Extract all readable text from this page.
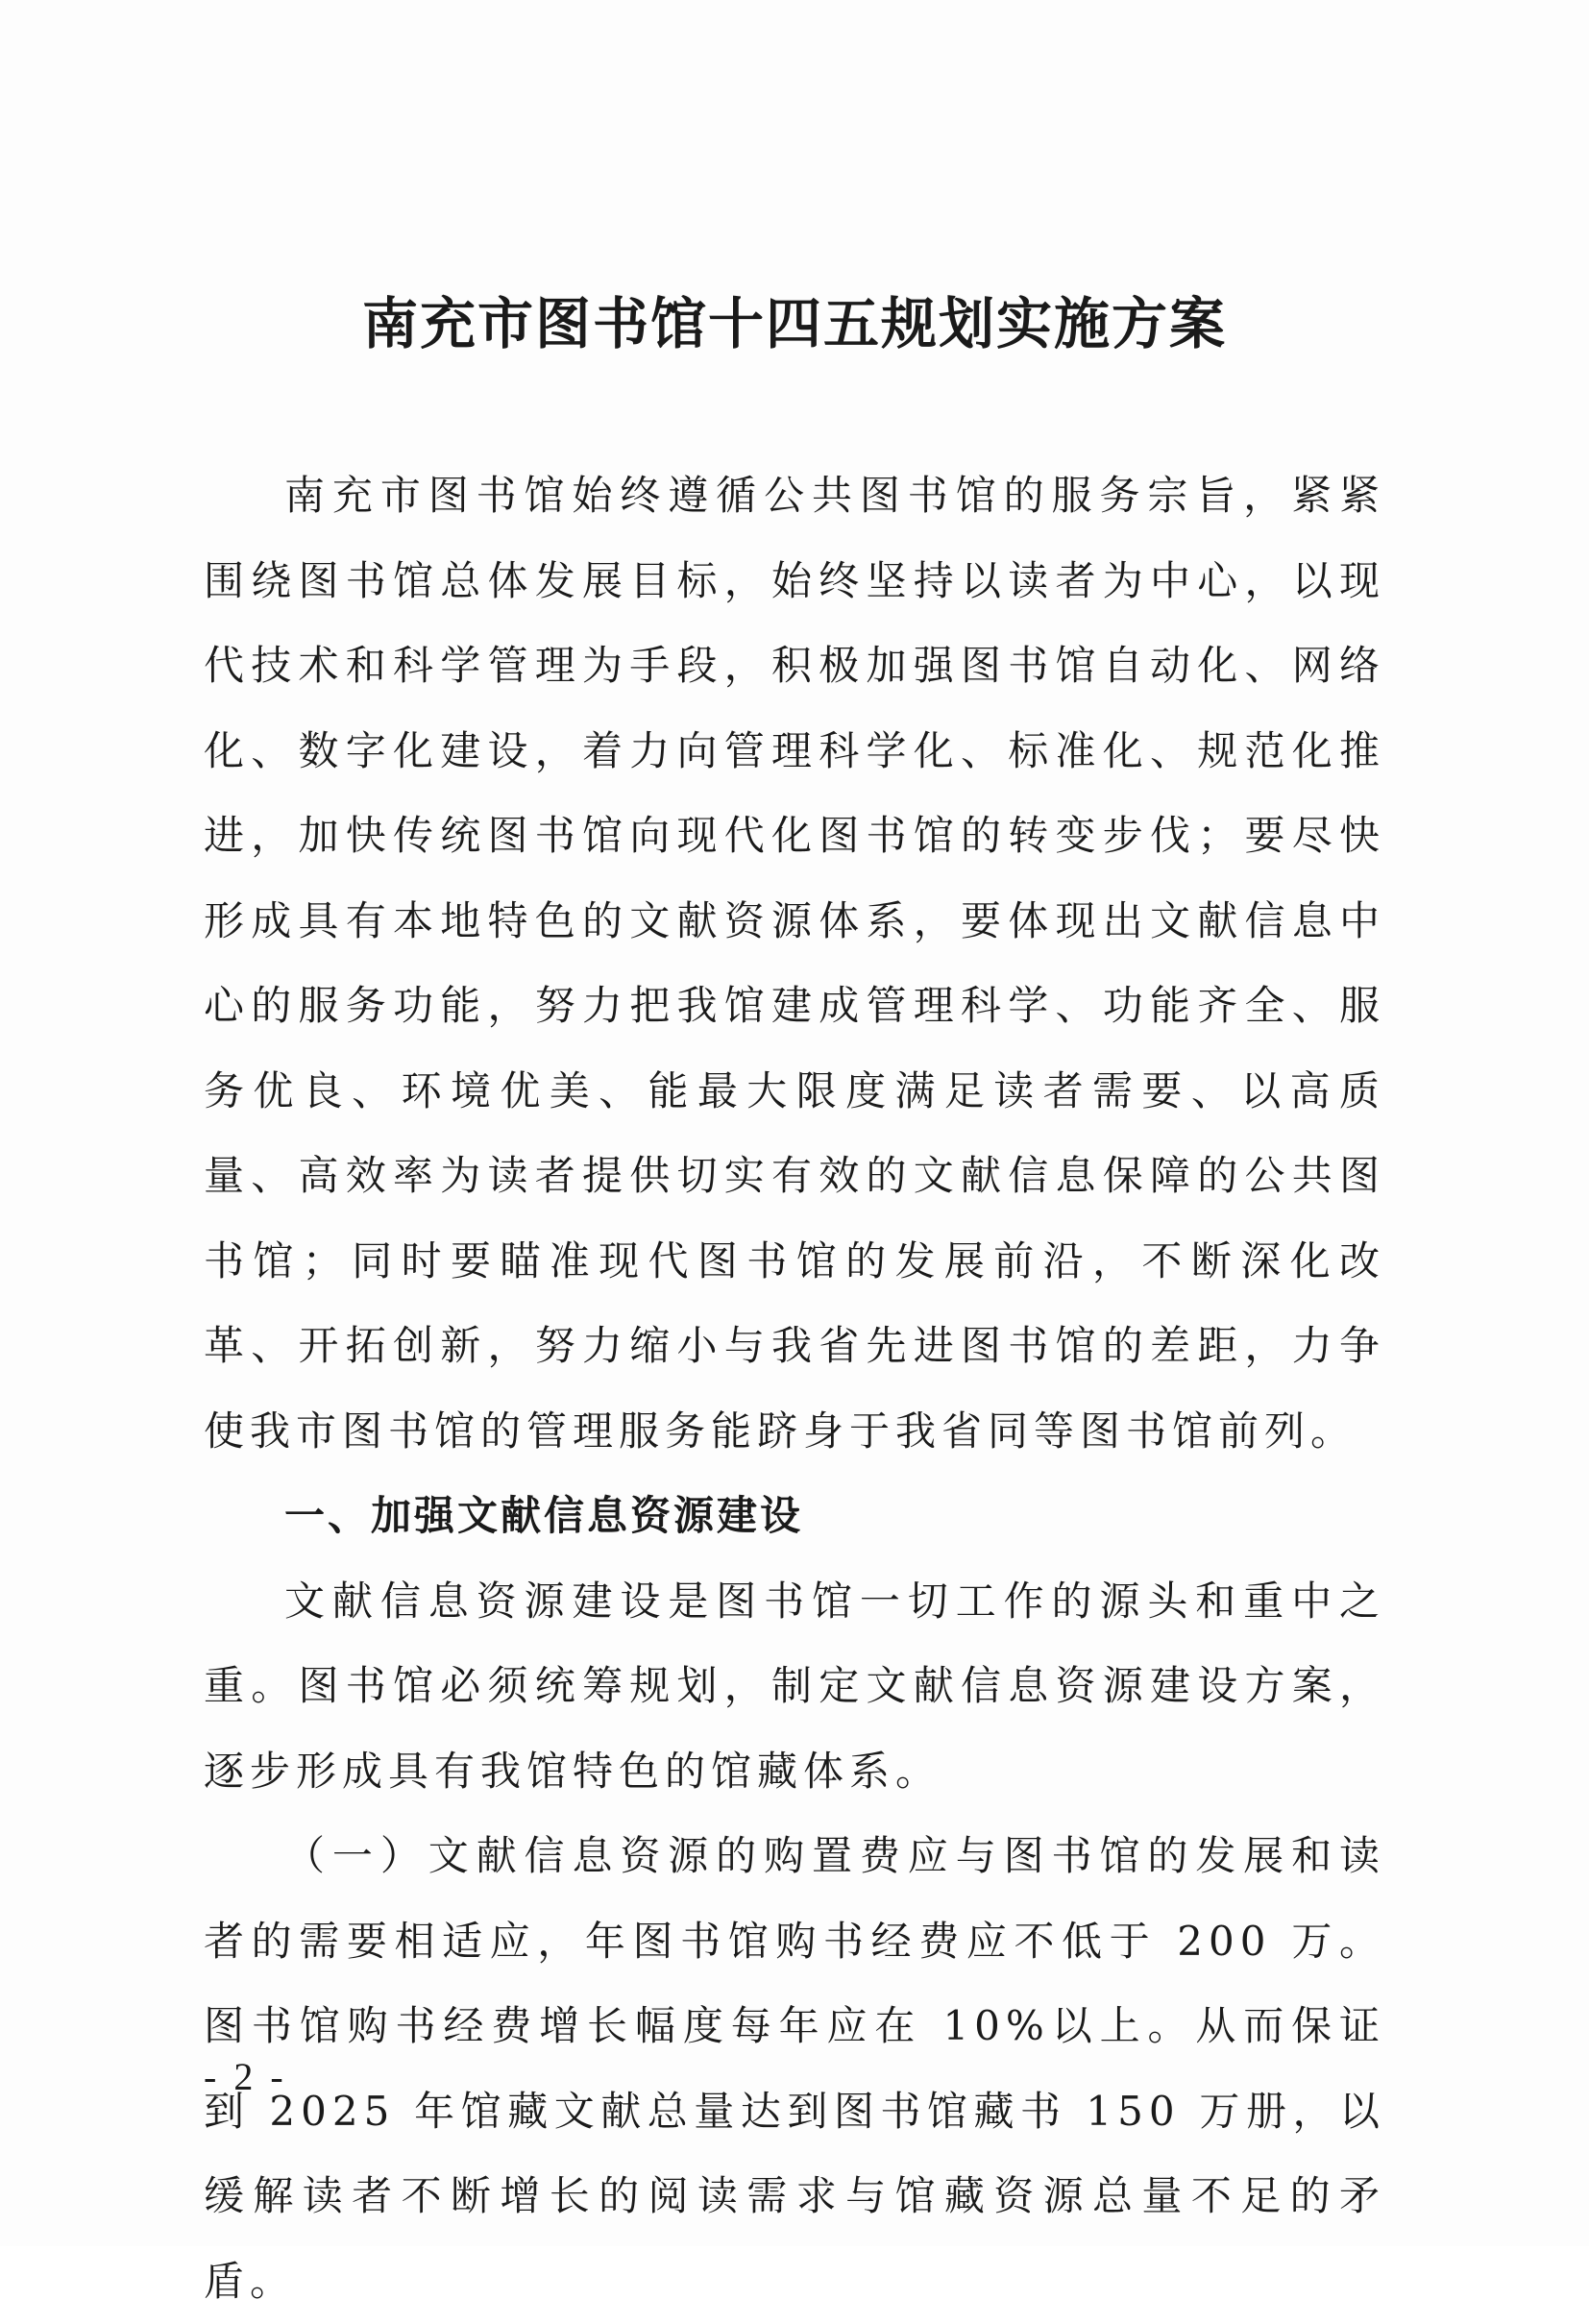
南充市图书馆十四五规划实施方案

南充市图书馆始终遵循公共图书馆的服务宗旨，紧紧围绕图书馆总体发展目标，始终坚持以读者为中心，以现代技术和科学管理为手段，积极加强图书馆自动化、网络化、数字化建设，着力向管理科学化、标准化、规范化推进，加快传统图书馆向现代化图书馆的转变步伐；要尽快形成具有本地特色的文献资源体系，要体现出文献信息中心的服务功能，努力把我馆建成管理科学、功能齐全、服务优良、环境优美、能最大限度满足读者需要、以高质量、高效率为读者提供切实有效的文献信息保障的公共图书馆；同时要瞄准现代图书馆的发展前沿，不断深化改革、开拓创新，努力缩小与我省先进图书馆的差距，力争使我市图书馆的管理服务能跻身于我省同等图书馆前列。

一、加强文献信息资源建设

文献信息资源建设是图书馆一切工作的源头和重中之重。图书馆必须统筹规划，制定文献信息资源建设方案，逐步形成具有我馆特色的馆藏体系。

（一）文献信息资源的购置费应与图书馆的发展和读者的需要相适应，年图书馆购书经费应不低于 200 万。图书馆购书经费增长幅度每年应在 10%以上。从而保证到 2025 年馆藏文献总量达到图书馆藏书 150 万册，以缓解读者不断增长的阅读需求与馆藏资源总量不足的矛盾。

- 2 -
